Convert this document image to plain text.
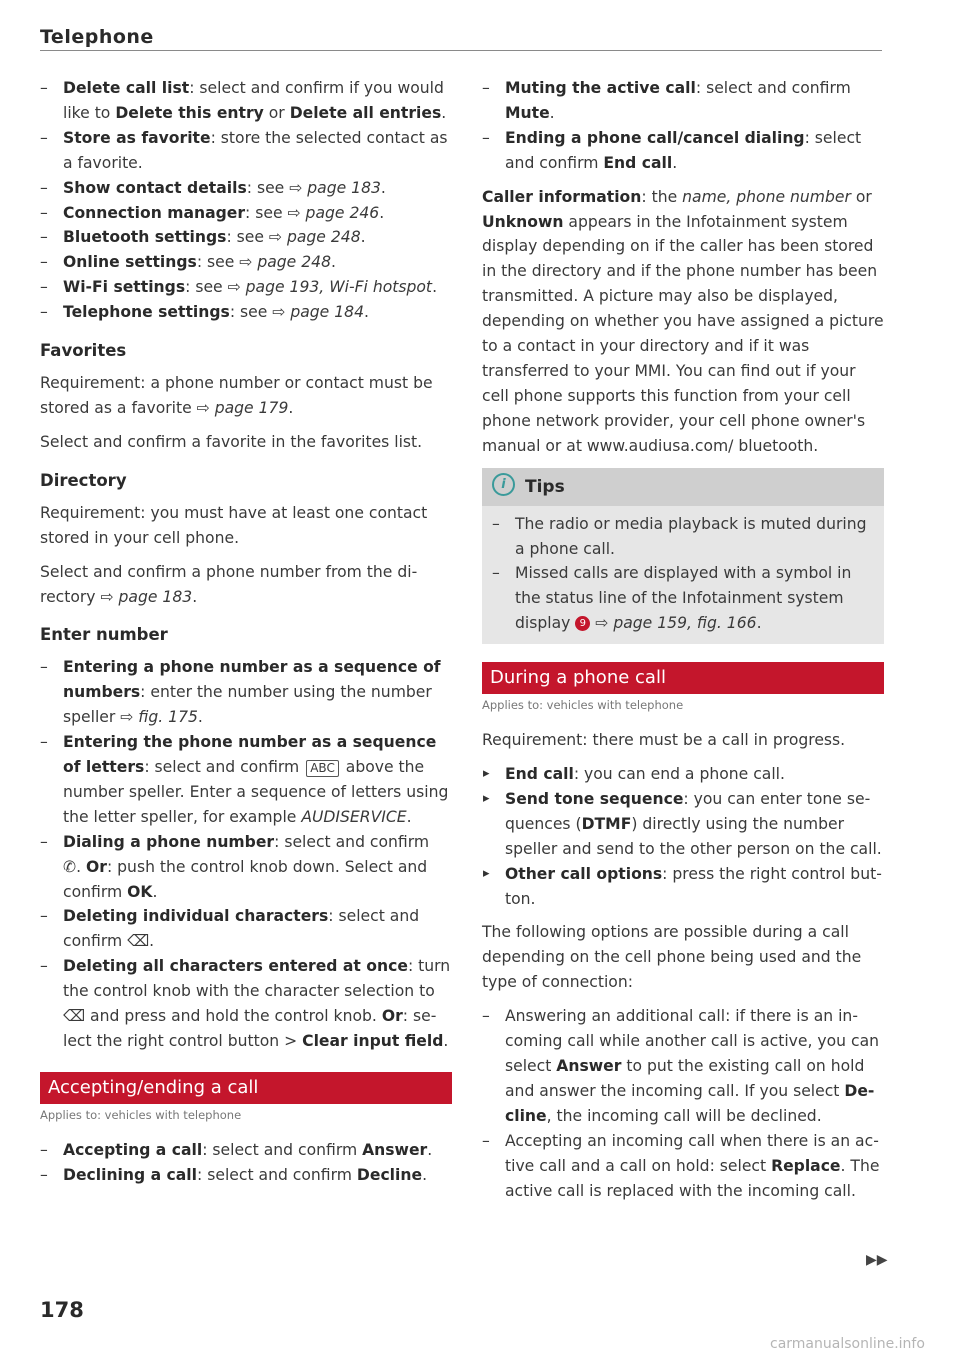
Telephone
– Delete call list: select and confirm if you would like to Delete this entry or Delete all entries.
– Store as favorite: store the selected contact as a favorite.
– Show contact details: see ⇨ page 183.
– Connection manager: see ⇨ page 246.
– Bluetooth settings: see ⇨ page 248.
– Online settings: see ⇨ page 248.
– Wi-Fi settings: see ⇨ page 193, Wi-Fi hotspot.
– Telephone settings: see ⇨ page 184.
Favorites

Requirement: a phone number or contact must be stored as a favorite ⇨ page 179.

Select and confirm a favorite in the favorites list.

Directory

Requirement: you must have at least one contact stored in your cell phone.

Select and confirm a phone number from the directory ⇨ page 183.

Enter number
– Entering a phone number as a sequence of numbers: enter the number using the number speller ⇨ fig. 175.
– Entering the phone number as a sequence of letters: select and confirm ABC above the number speller. Enter a sequence of letters using the letter speller, for example AUDISERVICE.
– Dialing a phone number: select and confirm ✆. Or: push the control knob down. Select and confirm OK.
– Deleting individual characters: select and confirm ⌫.
– Deleting all characters entered at once: turn the control knob with the character selection to ⌫ and press and hold the control knob. Or: select the right control button > Clear input field.
Accepting/ending a call
Applies to: vehicles with telephone
– Accepting a call: select and confirm Answer.
– Declining a call: select and confirm Decline.
– Muting the active call: select and confirm Mute.
– Ending a phone call/cancel dialing: select and confirm End call.

Caller information: the name, phone number or Unknown appears in the Infotainment system display depending on if the caller has been stored in the directory and if the phone number has been transmitted. A picture may also be displayed, depending on whether you have assigned a picture to a contact in your directory and if it was transferred to your MMI. You can find out if your cell phone supports this function from your cell phone network provider, your cell phone owner's manual or at www.audiusa.com/ bluetooth.

i Tips
– The radio or media playback is muted during a phone call.
– Missed calls are displayed with a symbol in the status line of the Infotainment system display 9 ⇨ page 159, fig. 166.
During a phone call
Applies to: vehicles with telephone

Requirement: there must be a call in progress.

▸ End call: you can end a phone call.
▸ Send tone sequence: you can enter tone sequences (DTMF) directly using the number speller and send to the other person on the call.
▸ Other call options: press the right control button.

The following options are possible during a call depending on the cell phone being used and the type of connection:

– Answering an additional call: if there is an incoming call while another call is active, you can select Answer to put the existing call on hold and answer the incoming call. If you select Decline, the incoming call will be declined.
– Accepting an incoming call when there is an active call and a call on hold: select Replace. The active call is replaced with the incoming call.
▶▶
178
carmanualsonline.info
